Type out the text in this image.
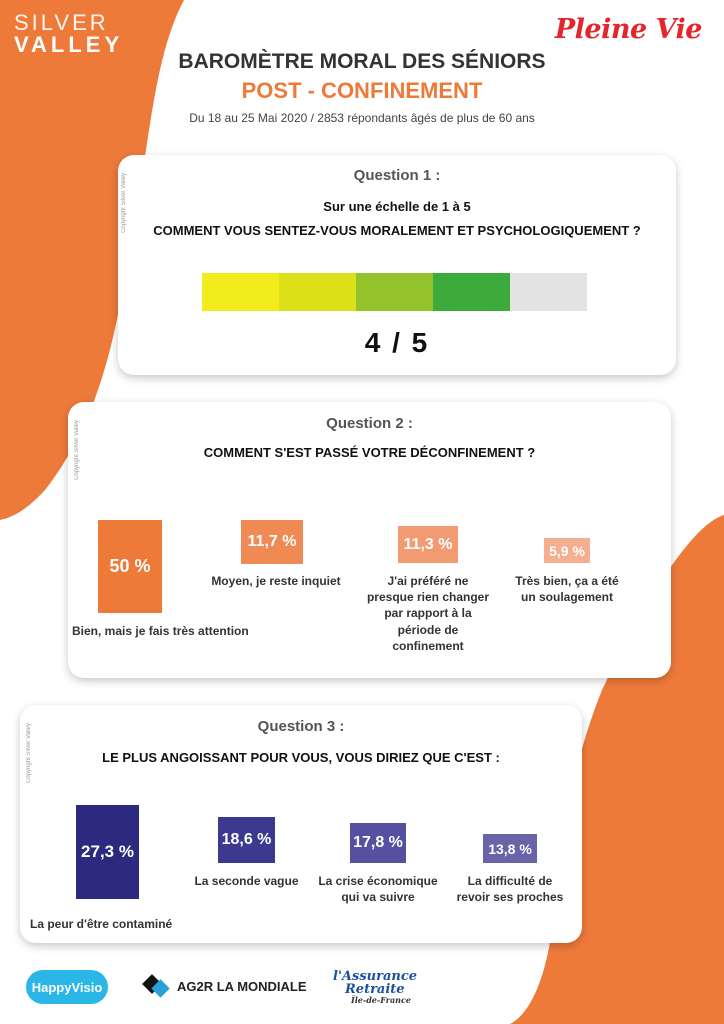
SILVER
VALLEY	Pleine Vie
BAROMÈTRE MORAL DES SÉNIORS
POST - CONFINEMENT
Du 18 au 25 Mai 2020 / 2853 répondants âgés de plus de 60 ans
Copyright Silver Valley	Question 1 :
Sur une échelle de 1 à 5
COMMENT VOUS SENTEZ-VOUS MORALEMENT ET PSYCHOLOGIQUEMENT ?
4 / 5
Copyright Silver Valley	Question 2 :
COMMENT S'EST PASSÉ VOTRE DÉCONFINEMENT ?
50 %
Bien, mais je fais très attention
11,7 %
Moyen, je reste inquiet
11,3 %
J'ai préféré ne presque rien changer par rapport à la période de confinement
5,9 %
Très bien, ça a été un soulagement
Copyright Silver Valley	Question 3 :
LE PLUS ANGOISSANT POUR VOUS, VOUS DIRIEZ QUE C'EST :
27,3 %
La peur d'être contaminé
18,6 %
La seconde vague
17,8 %
La crise économique qui va suivre
13,8 %
La difficulté de revoir ses proches
HappyVisio	AG2R LA MONDIALE
l'Assurance
Retraite
Île-de-France
